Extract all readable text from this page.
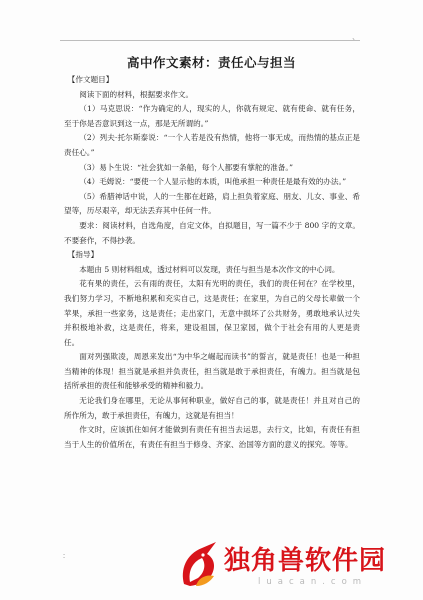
、
高中作文素材：责任心与担当

【作文题目】

阅读下面的材料，根据要求作文。

（1）马克思说：“作为确定的人，现实的人，你就有规定、就有使命、就有任务，至于你是否意识到这一点，那是无所谓的。”

（2）列夫·托尔斯泰说：“一个人若是没有热情，他将一事无成，而热情的基点正是责任心。”

（3）易卜生说：“社会犹如一条船，每个人都要有掌舵的准备。”

（4）毛姆说：“要使一个人显示他的本质，叫他承担一种责任是最有效的办法。”

（5）希腊神话中说，人的一生都在赶路，肩上担负着家庭、朋友、儿女、事业、希望等，历尽艰辛，却无法丢弃其中任何一件。

要求：阅读材料，自选角度，自定文体，自拟题目，写一篇不少于 800 字的文章。不要套作，不得抄袭。

【指导】

本题由 5 则材料组成，透过材料可以发现，责任与担当是本次作文的中心词。

花有果的责任，云有雨的责任，太阳有光明的责任，我们的责任何在？在学校里，我们努力学习，不断地积累和充实自己，这是责任；在家里，为自己的父母长辈做一个苹果，承担一些家务，这是责任；走出家门，无意中损坏了公共财务，勇敢地承认过失并积极地补救，这是责任，将来，建设祖国，保卫家园，做个于社会有用的人更是责任。

面对列强欺凌，周恩来发出“为中华之崛起而读书”的誓言，就是责任！也是一种担当精神的体现！担当就是承担并负责任，担当就是敢于承担责任，有魄力。担当就是包括所承担的责任和能够承受的精神和毅力。

无论我们身在哪里，无论从事何种职业，做好自己的事，就是责任！并且对自己的所作所为，敢于承担责任，有魄力，这就是有担当！

作文时，应该抓住如何才能做到有责任有担当去运思，去行文，比如，有责任有担当于人生的价值所在，有责任有担当于修身、齐家、治国等方面的意义的探究。等等。

∶	独角兽软件园
luacan.com
